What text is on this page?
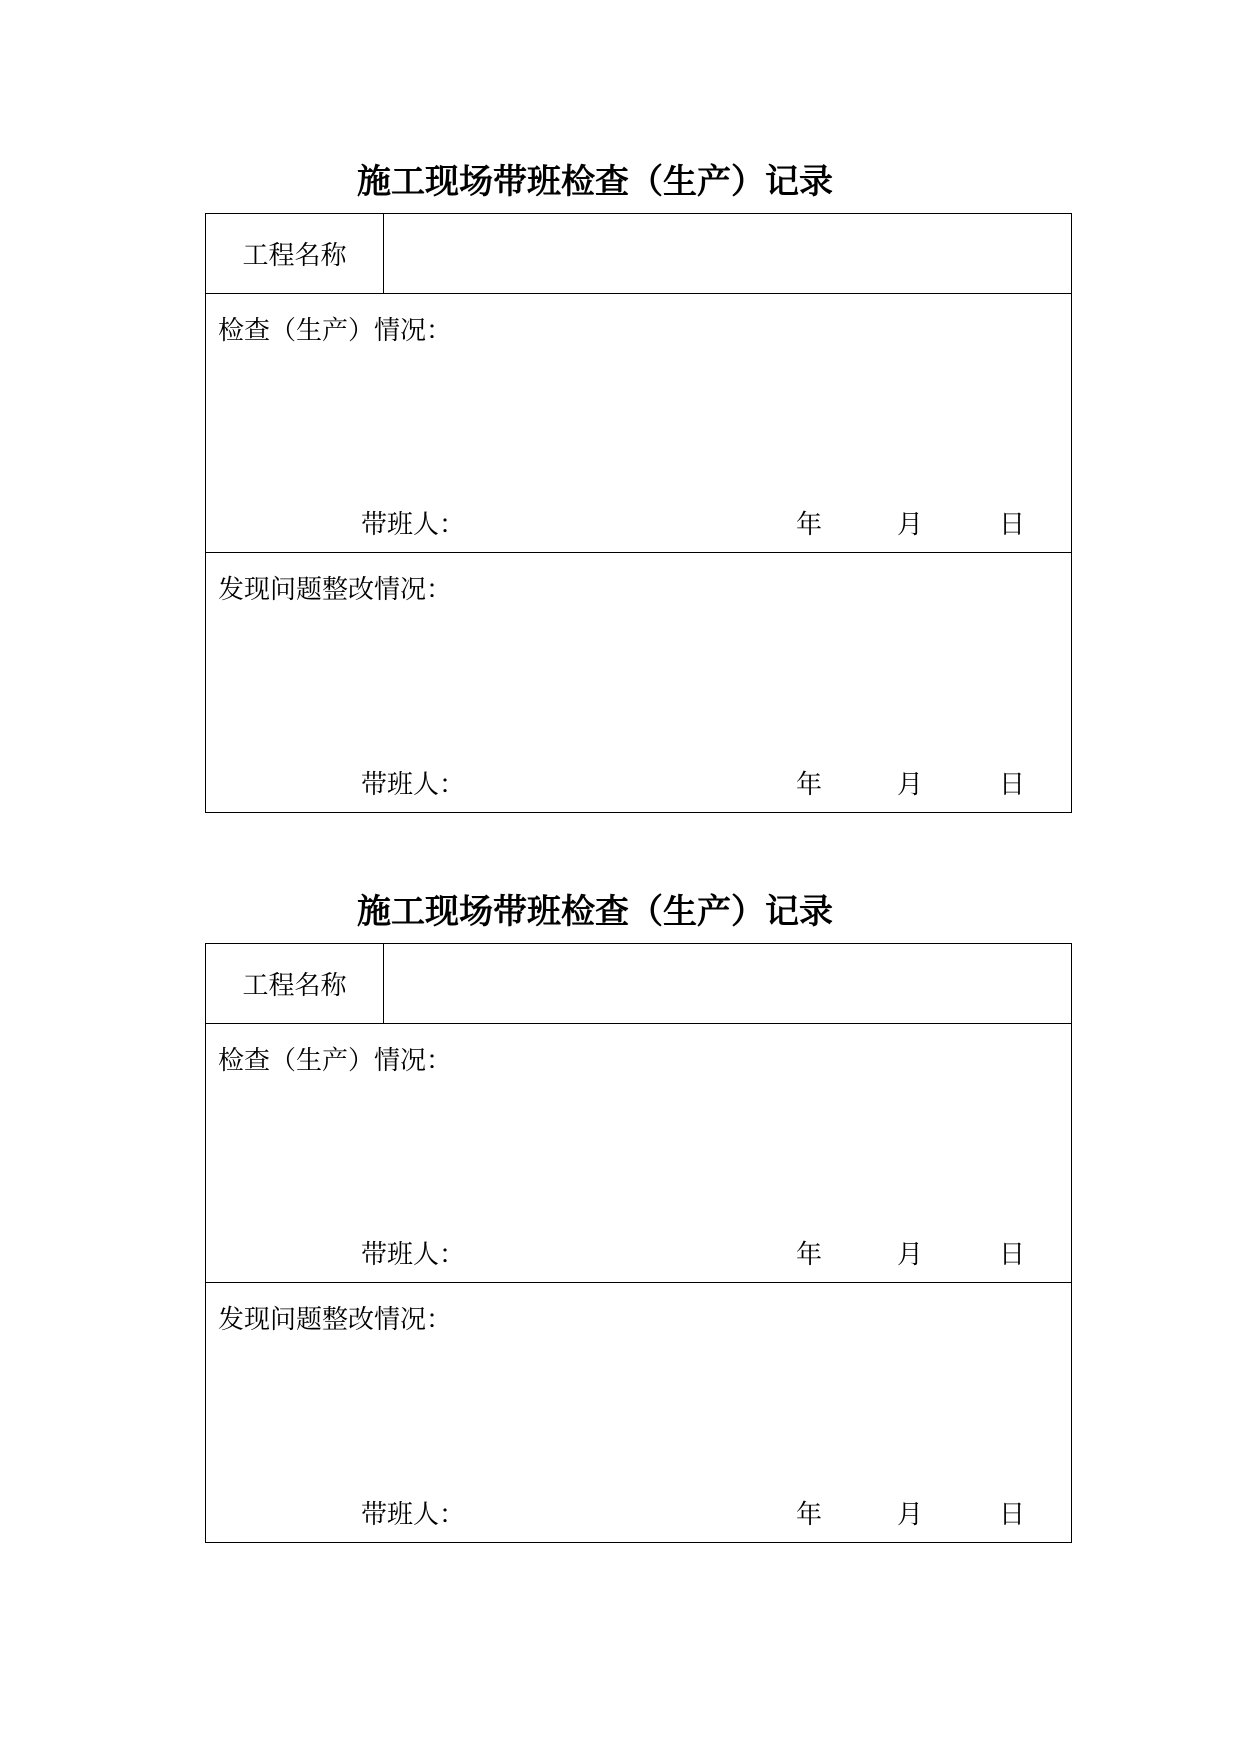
施工现场带班检查（生产）记录
工程名称
检查（生产）情况：
带班人：	年	月	日
发现问题整改情况：
带班人：	年	月	日
施工现场带班检查（生产）记录
工程名称
检查（生产）情况：
带班人：	年	月	日
发现问题整改情况：
带班人：	年	月	日
